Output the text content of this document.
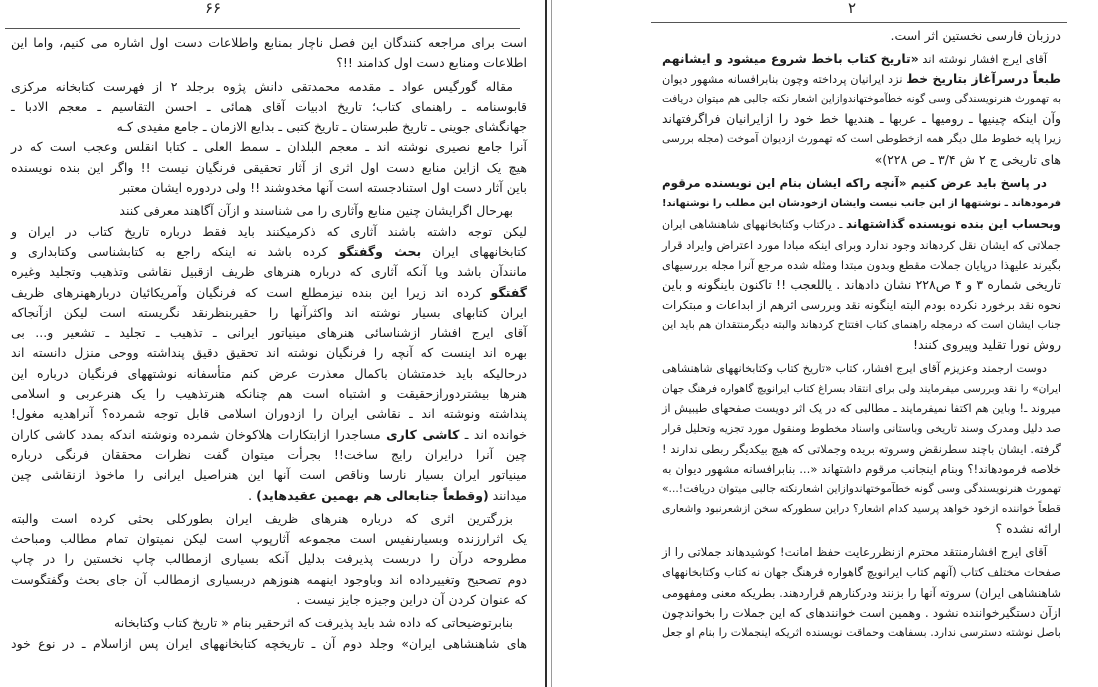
۶۶
است برای مراجعه کنندگان این فصل ناچار بمنابع واطلاعات دست اول اشاره می کنیم، واما این
اطلاعات ومنابع دست اول کدامند !!؟
مقاله گورگیس عواد ـ مقدمه محمدتقی دانش پژوه برجلد ۲ از فهرست کتابخانه مرکزی
قابوسنامه ـ راهنمای کتاب؛ تاریخ ادبیات آقای همائی ـ احسن التقاسیم ـ معجم الادبا ـ
جهانگشای جوینی ـ تاریخ طبرستان ـ تاریخ کتبی ـ بدایع الازمان ـ جامع مفیدی کـه
آنرا جامع نصیری نوشته اند ـ معجم البلدان ـ سمط العلی ـ کتابا انقلس وعجب است که در
هیچ یک ازاین منابع دست اول اثری از آثار تحقیقی فرنگیان نیست !! واگر این بنده نویسنده
باین آثار دست اول استنادجسته است آنها مخدوشند !! ولی دردوره ایشان معتبر
بهرحال اگرایشان چنین منابع وآثاری را می شناسند و ازآن آگاهند معرفی کنند
لیکن توجه داشته باشند آثاری که ذکرمیکنند باید فقط درباره تاریخ کتاب در ایران و
کتابخانههای ایران بحث وگفتگو کرده باشد نه اینکه راجع به کتابشناسی وکتابداری و
مانندآن باشد ویا آنکه آثاری که درباره هنرهای ظریف ازقبیل نقاشی وتذهیب وتجلید وغیره
گفتگو کرده اند زیرا این بنده نیزمطلع است که فرنگیان وآمریکائیان دربارههنرهای ظریف
ایران کتابهای بسیار نوشته اند واکثرآنها را حقیربنظرنقد نگریسته است لیکن ازآنجاکه
آقای ایرج افشار ازشناسائی هنرهای مینیاتور ایرانی ـ تذهیب ـ تجلید ـ تشعیر و... بی
بهره اند اینست که آنچه را فرنگیان نوشته اند تحقیق دقیق پنداشته ووحی منزل دانسته اند
درحالیکه باید خدمتشان باکمال معذرت عرض کنم متأسفانه نوشتههای فرنگیان درباره این
هنرها بیشتردورازحقیقت و اشتباه است هم چنانکه هنرتذهیب را یک هنرعربی و اسلامی
پنداشته ونوشته اند ـ نقاشی ایران را ازدوران اسلامی قابل توجه شمرده؟ آنراهدیه مغول!
خوانده اند ـ کاشی کاری مساجدرا ازابتکارات هلاکوخان شمرده ونوشته اندکه بمدد کاشی کاران
چین آنرا درایران رایج ساخت!! بجرأت میتوان گفت نظرات محققان فرنگی درباره
مینیاتور ایران بسیار نارسا وناقص است آنها این هنراصیل ایرانی را ماخوذ ازنقاشی چین
میدانند (وقطعاً جنابعالی هم بهمین عقیدهاید) .
بزرگترین اثری که درباره هنرهای ظریف ایران بطورکلی بحثی کرده است والبته
یک اثرارزنده وبسیارنفیس است مجموعه آثارپوپ است لیکن نمیتوان تمام مطالب ومباحث
مطروحه درآن را دربست پذیرفت بدلیل آنکه بسیاری ازمطالب چاپ نخستین را در چاپ
دوم تصحیح وتغییرداده اند وباوجود اینهمه هنوزهم دربسیاری ازمطالب آن جای بحث وگفتگوست
که عنوان کردن آن دراین وجیزه جایز نیست .
بنابرتوضیحاتی که داده شد باید پذیرفت که اثرحقیر بنام « تاریخ کتاب وکتابخانه
های شاهنشاهی ایران» وجلد دوم آن ـ تاریخچه کتابخانههای ایران پس ازاسلام ـ در نوع خود
۲
درزبان فارسی نخستین اثر است.
آقای ایرج افشار نوشته اند «تاریخ کتاب باخط شروع میشود و ایشانهم
طبعاً درسرآغاز بتاریخ خط نزد ایرانیان پرداخته وچون بنابرافسانه مشهور دیوان
به تهمورث هنرنویسندگی وسی گونه خطآموختهاندوازاین اشعار نکته جالبی هم میتوان دریافت
وآن اینکه چینیها ـ رومیها ـ عربها ـ هندیها خط خود را ازایرانیان فراگرفتهاند
زیرا پایه خطوط ملل دیگر همه ازخطوطی است که تهمورث ازدیوان آموخت (مجله بررسی
های تاریخی ج ۲ ش ۳/۴ ـ ص ۲۲۸)»
در پاسخ باید عرض کنیم «آنچه راکه ایشان بنام این نویسنده مرقوم
فرمودهاند ـ نوشتهها از این جانب نیست وایشان ازخودشان این مطلب را نوشتهاند!
وبحساب این بنده نویسنده گذاشتهاند ـ درکتاب وکتابخانههای شاهنشاهی ایران
جملاتی که ایشان نقل کردهاند وجود ندارد وبرای اینکه مبادا مورد اعتراض وایراد قرار
بگیرند علیهذا درپایان جملات مقطع وبدون مبتدا ومثله شده مرجع آنرا مجله بررسیهای
تاریخی شماره ۳ و ۴ ص۲۲۸ نشان دادهاند . یاللعجب !! تاکنون باینگونه و باین
نحوه نقد برخورد نکرده بودم البته اینگونه نقد وبررسی اثرهم از ابداعات و مبتکرات
جناب ایشان است که درمجله راهنمای کتاب افتتاح کردهاند والبته دیگرمنتقدان هم باید این
روش نورا تقلید وپیروی کنند!
دوست ارجمند وعزیزم آقای ایرج افشار، کتاب «تاریخ کتاب وکتابخانههای شاهنشاهی
ایران» را نقد وبررسی میفرمایند ولی برای انتقاد بسراغ کتاب ایرانویچ گاهواره فرهنگ جهان
میروند ـ! وباین هم اکتفا نمیفرمایند ـ مطالبی که در یک اثر دویست صفحهای طیبیش از
صد دلیل ومدرک وسند تاریخی وباستانی واسناد مخطوط ومنقول مورد تجزیه وتحلیل قرار
گرفته. ایشان باچند سطرنقض وسروته بریده وجملاتی که هیچ بیکدیگر ربطی ندارند !
خلاصه فرمودهاند!؟ وبنام اینجانب مرقوم داشتهاند «... بنابرافسانه مشهور دیوان به
تهمورث هنرنویسندگی وسی گونه خطآموختهاندوازاین اشعارنکته جالبی میتوان دریافت!...»
قطعاً خواننده ازخود خواهد پرسید کدام اشعار؟ دراین سطورکه سخن ازشعرنبود واشعاری
ارائه نشده ؟
آقای ایرج افشارمنتقد محترم ازنظررعایت حفظ امانت! کوشیدهاند جملاتی را از
صفحات مختلف کتاب (آنهم کتاب ایرانویچ گاهواره فرهنگ جهان نه کتاب وکتابخانههای
شاهنشاهی ایران) سروته آنها را بزنند ودرکنارهم قراردهند. بطریکه معنی ومفهومی
ازآن دستگیرخواننده نشود . وهمین است خوانندهای که این جملات را بخواندچون
باصل نوشته دسترسی ندارد. بسفاهت وحماقت نویسنده اثریکه اینجملات را بنام او جعل
